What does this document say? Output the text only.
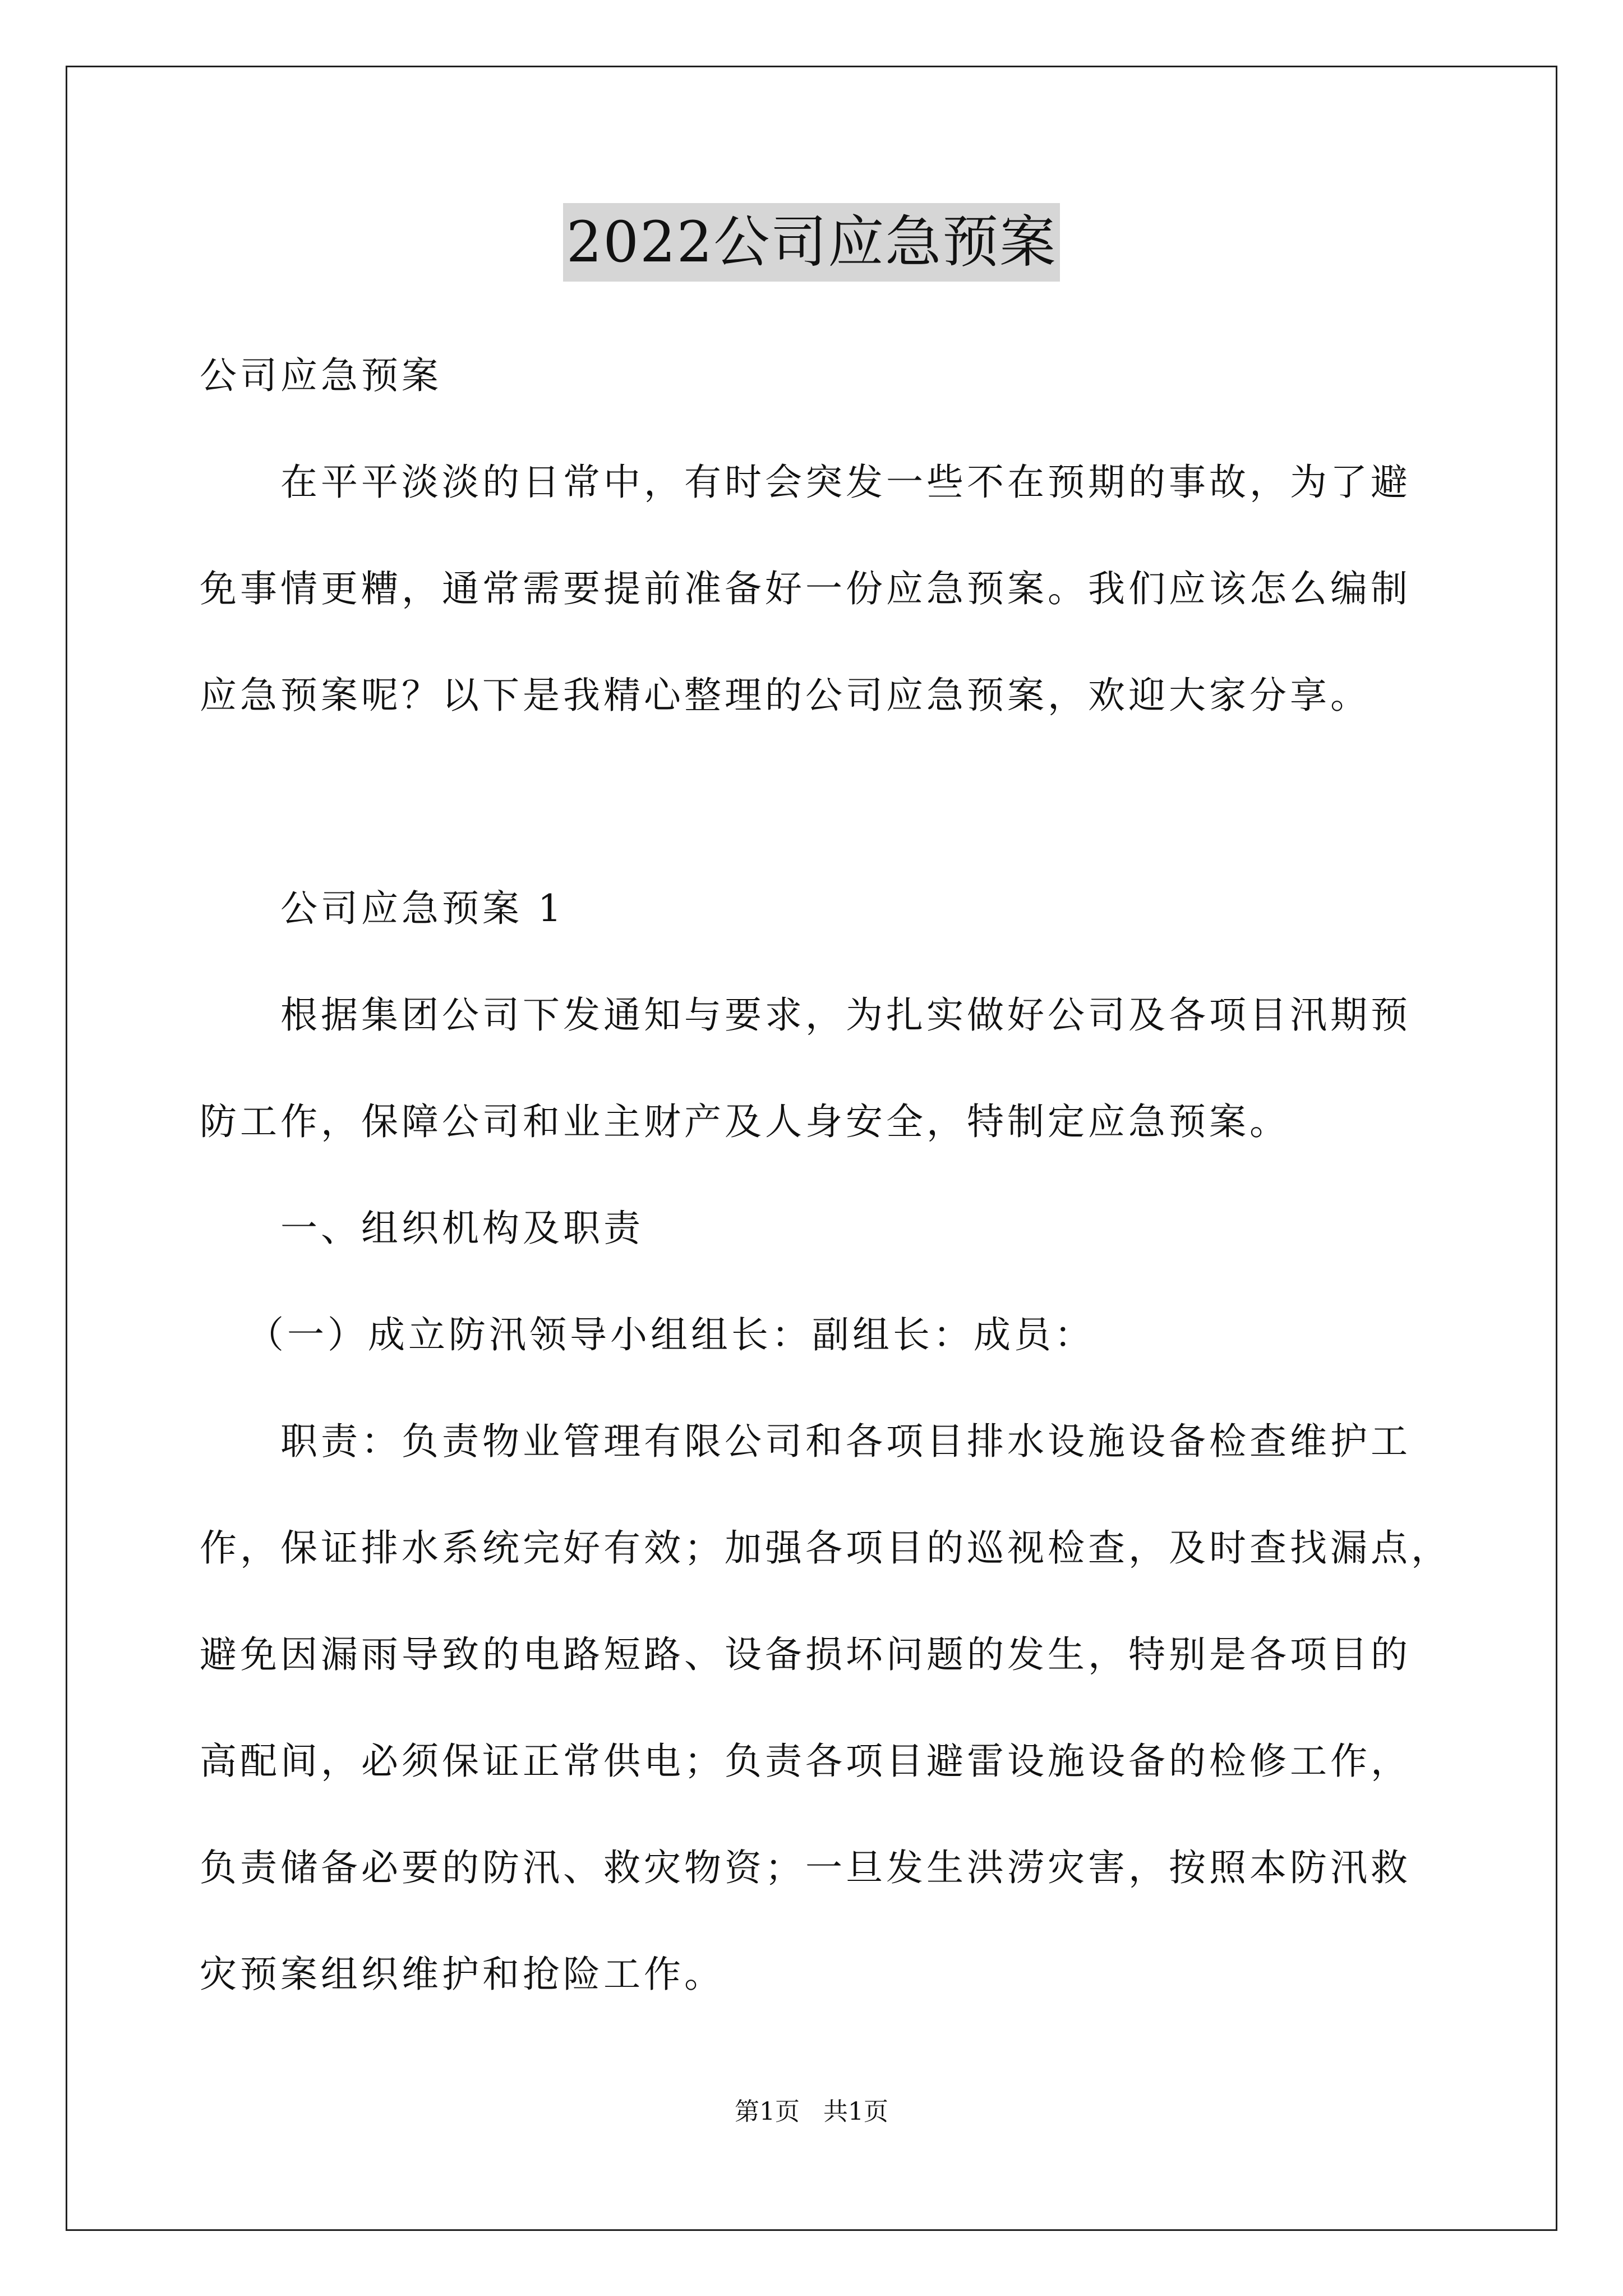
2022公司应急预案
公司应急预案
在平平淡淡的日常中，有时会突发一些不在预期的事故，为了避
免事情更糟，通常需要提前准备好一份应急预案。我们应该怎么编制
应急预案呢？以下是我精心整理的公司应急预案，欢迎大家分享。
公司应急预案 1
根据集团公司下发通知与要求，为扎实做好公司及各项目汛期预
防工作，保障公司和业主财产及人身安全，特制定应急预案。
一、组织机构及职责
（一）成立防汛领导小组组长：副组长：成员：
职责：负责物业管理有限公司和各项目排水设施设备检查维护工
作，保证排水系统完好有效；加强各项目的巡视检查，及时查找漏点，
避免因漏雨导致的电路短路、设备损坏问题的发生，特别是各项目的
高配间，必须保证正常供电；负责各项目避雷设施设备的检修工作，
负责储备必要的防汛、救灾物资；一旦发生洪涝灾害，按照本防汛救
灾预案组织维护和抢险工作。
第1页 共1页
